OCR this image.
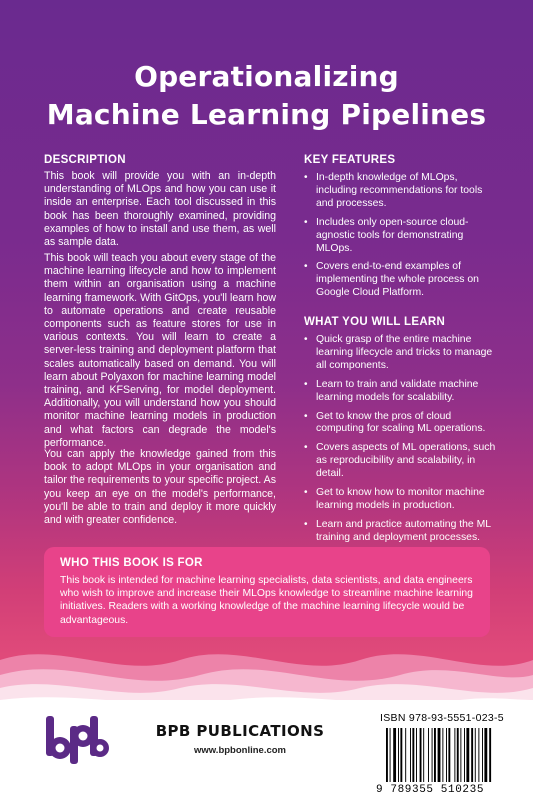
Operationalizing
Machine Learning Pipelines
DESCRIPTION
This book will provide you with an in-depth understanding of MLOps and how you can use it inside an enterprise. Each tool discussed in this book has been thoroughly examined, providing examples of how to install and use them, as well as sample data.
This book will teach you about every stage of the machine learning lifecycle and how to implement them within an organisation using a machine learning framework. With GitOps, you'll learn how to automate operations and create reusable components such as feature stores for use in various contexts. You will learn to create a server-less training and deployment platform that scales automatically based on demand. You will learn about Polyaxon for machine learning model training, and KFServing, for model deployment. Additionally, you will understand how you should monitor machine learning models in production and what factors can degrade the model's performance.
You can apply the knowledge gained from this book to adopt MLOps in your organisation and tailor the requirements to your specific project. As you keep an eye on the model's performance, you'll be able to train and deploy it more quickly and with greater confidence.
KEY FEATURES
• In-depth knowledge of MLOps, including recommendations for tools and processes.
• Includes only open-source cloud-agnostic tools for demonstrating MLOps.
• Covers end-to-end examples of implementing the whole process on Google Cloud Platform.
WHAT YOU WILL LEARN
• Quick grasp of the entire machine learning lifecycle and tricks to manage all components.
• Learn to train and validate machine learning models for scalability.
• Get to know the pros of cloud computing for scaling ML operations.
• Covers aspects of ML operations, such as reproducibility and scalability, in detail.
• Get to know how to monitor machine learning models in production.
• Learn and practice automating the ML training and deployment processes.
WHO THIS BOOK IS FOR
This book is intended for machine learning specialists, data scientists, and data engineers who wish to improve and increase their MLOps knowledge to streamline machine learning initiatives. Readers with a working knowledge of the machine learning lifecycle would be advantageous.
BPB PUBLICATIONS
www.bpbonline.com
ISBN 978-93-5551-023-5
9 789355 510235
